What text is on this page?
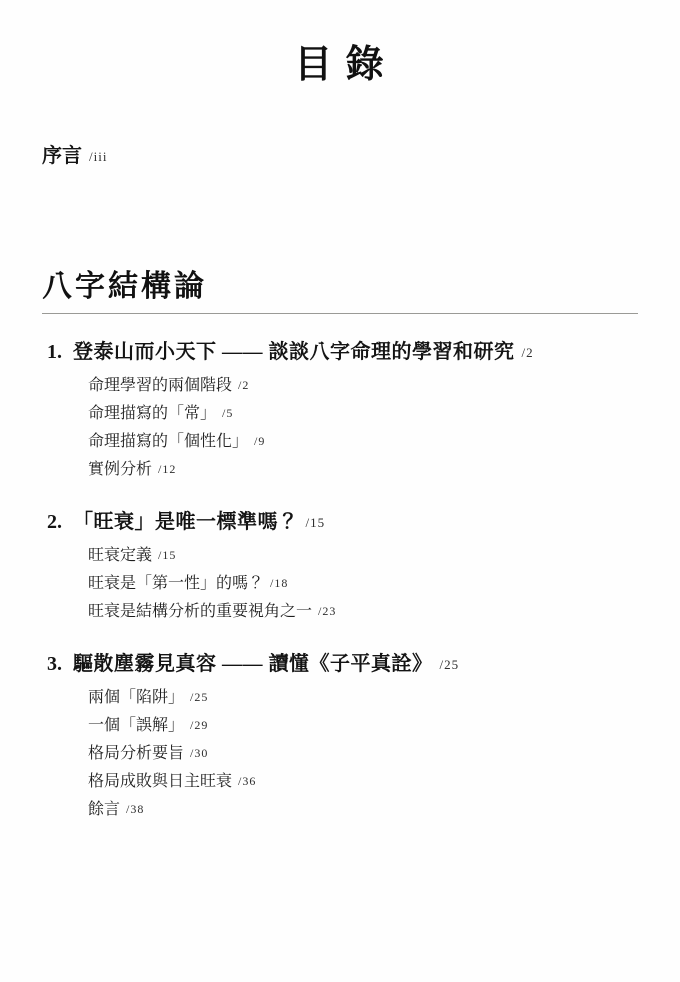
目 錄
序言 /iii
八字結構論
1. 登泰山而小天下 —— 談談八字命理的學習和研究 /2
命理學習的兩個階段 /2
命理描寫的「常」 /5
命理描寫的「個性化」 /9
實例分析 /12
2. 「旺衰」是唯一標準嗎？ /15
旺衰定義 /15
旺衰是「第一性」的嗎？ /18
旺衰是結構分析的重要視角之一 /23
3. 驅散塵霧見真容 —— 讀懂《子平真詮》 /25
兩個「陷阱」 /25
一個「誤解」 /29
格局分析要旨 /30
格局成敗與日主旺衰 /36
餘言 /38
